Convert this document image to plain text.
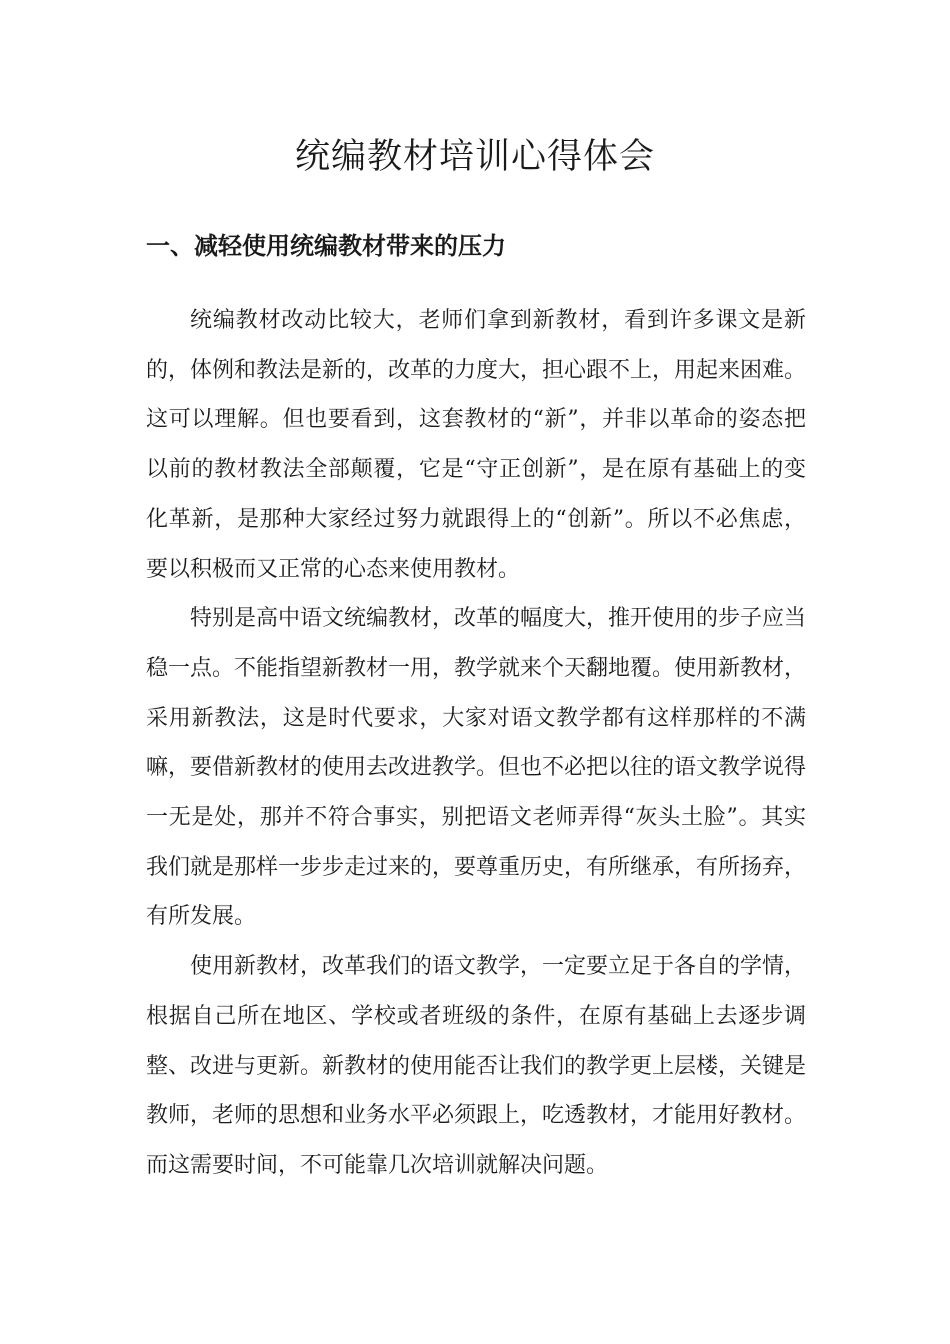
统编教材培训心得体会
一、减轻使用统编教材带来的压力

统编教材改动比较大，老师们拿到新教材，看到许多课文是新的，体例和教法是新的，改革的力度大，担心跟不上，用起来困难。这可以理解。但也要看到，这套教材的“新”，并非以革命的姿态把以前的教材教法全部颠覆，它是“守正创新”，是在原有基础上的变化革新，是那种大家经过努力就跟得上的“创新”。所以不必焦虑，要以积极而又正常的心态来使用教材。

特别是高中语文统编教材，改革的幅度大，推开使用的步子应当稳一点。不能指望新教材一用，教学就来个天翻地覆。使用新教材，采用新教法，这是时代要求，大家对语文教学都有这样那样的不满嘛，要借新教材的使用去改进教学。但也不必把以往的语文教学说得一无是处，那并不符合事实，别把语文老师弄得“灰头土脸”。其实我们就是那样一步步走过来的，要尊重历史，有所继承，有所扬弃，有所发展。

使用新教材，改革我们的语文教学，一定要立足于各自的学情，根据自己所在地区、学校或者班级的条件，在原有基础上去逐步调整、改进与更新。新教材的使用能否让我们的教学更上层楼，关键是教师，老师的思想和业务水平必须跟上，吃透教材，才能用好教材。而这需要时间，不可能靠几次培训就解决问题。
